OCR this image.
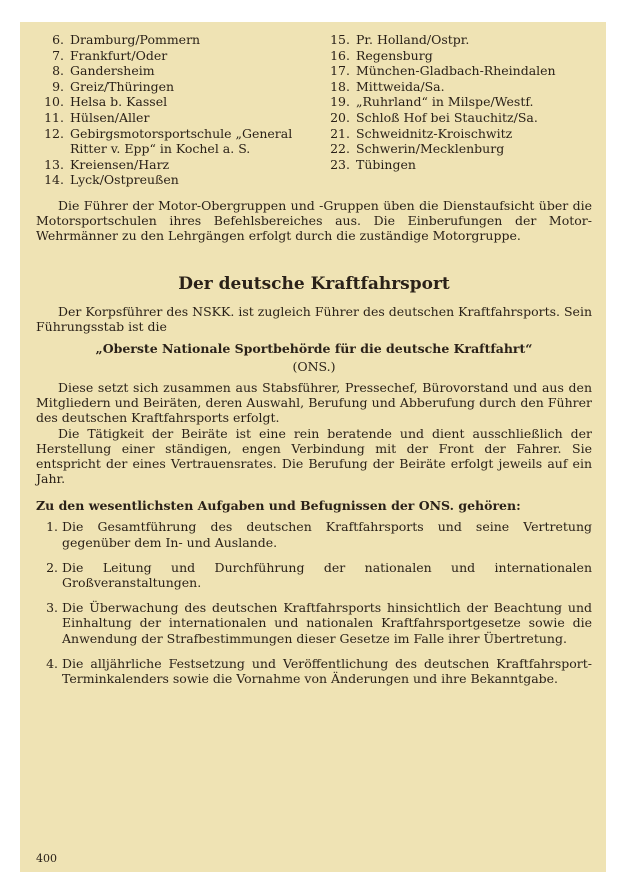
6. Dramburg/Pommern
7. Frankfurt/Oder
8. Gandersheim
9. Greiz/Thüringen
10. Helsa b. Kassel
11. Hülsen/Aller
12. Gebirgsmotorsportschule „General Ritter v. Epp“ in Kochel a. S.
13. Kreiensen/Harz
14. Lyck/Ostpreußen
15. Pr. Holland/Ostpr.
16. Regensburg
17. München-Gladbach-Rheindalen
18. Mittweida/Sa.
19. „Ruhrland“ in Milspe/Westf.
20. Schloß Hof bei Stauchitz/Sa.
21. Schweidnitz-Kroischwitz
22. Schwerin/Mecklenburg
23. Tübingen

Die Führer der Motor-Obergruppen und -Gruppen üben die Dienstaufsicht über die Motorsportschulen ihres Befehlsbereiches aus. Die Einberufungen der Motor-Wehrmänner zu den Lehrgängen erfolgt durch die zuständige Motorgruppe.

Der deutsche Kraftfahrsport

Der Korpsführer des NSKK. ist zugleich Führer des deutschen Kraftfahrsports. Sein Führungsstab ist die

„Oberste Nationale Sportbehörde für die deutsche Kraftfahrt“
(ONS.)

Diese setzt sich zusammen aus Stabsführer, Pressechef, Bürovorstand und aus den Mitgliedern und Beiräten, deren Auswahl, Berufung und Abberufung durch den Führer des deutschen Kraftfahrsports erfolgt.

Die Tätigkeit der Beiräte ist eine rein beratende und dient ausschließlich der Herstellung einer ständigen, engen Verbindung mit der Front der Fahrer. Sie entspricht der eines Vertrauensrates. Die Berufung der Beiräte erfolgt jeweils auf ein Jahr.

Zu den wesentlichsten Aufgaben und Befugnissen der ONS. gehören:
1. Die Gesamtführung des deutschen Kraftfahrsports und seine Vertretung gegenüber dem In- und Auslande.
2. Die Leitung und Durchführung der nationalen und internationalen Großveranstaltungen.
3. Die Überwachung des deutschen Kraftfahrsports hinsichtlich der Beachtung und Einhaltung der internationalen und nationalen Kraftfahrsportgesetze sowie die Anwendung der Strafbestimmungen dieser Gesetze im Falle ihrer Übertretung.
4. Die alljährliche Festsetzung und Veröffentlichung des deutschen Kraftfahrsport-Terminkalenders sowie die Vornahme von Änderungen und ihre Bekanntgabe.
400
